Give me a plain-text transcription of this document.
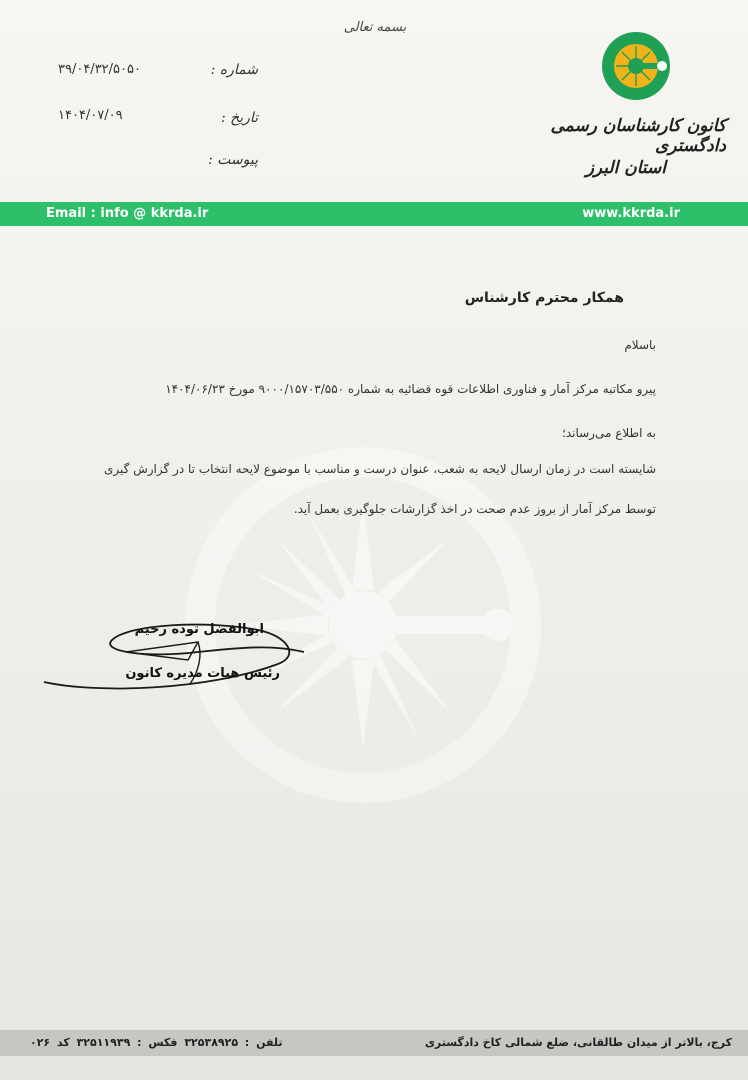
بسمه تعالی
کانون کارشناسان رسمی دادگستری
استان البرز
شماره :
۳۹/۰۴/۳۲/۵۰۵۰
تاریخ :
۱۴۰۴/۰۷/۰۹
پیوست :
Email : info @ kkrda.ir	www.kkrda.ir
همکار محترم کارشناس
باسلام
پیرو مکاتبه مرکز آمار و فناوری اطلاعات قوه قضائیه به شماره ۹۰۰۰/۱۵۷۰۳/۵۵۰ مورخ ۱۴۰۴/۰۶/۲۳
به اطلاع می‌رساند؛
شایسته است در زمان ارسال لایحه به شعب، عنوان درست و مناسب با موضوع لایحه انتخاب تا در گزارش گیری
توسط مرکز آمار از بروز عدم صحت در اخذ گزارشات جلوگیری بعمل آید.
ابوالفضل توده رحیم
رئیس هیات مدیره کانون
کرج، بالاتر از میدان طالقانی، ضلع شمالی کاخ دادگستری
تلفن : ۳۲۵۳۸۹۲۵ فکس : ۳۲۵۱۱۹۳۹ کد ۰۲۶
